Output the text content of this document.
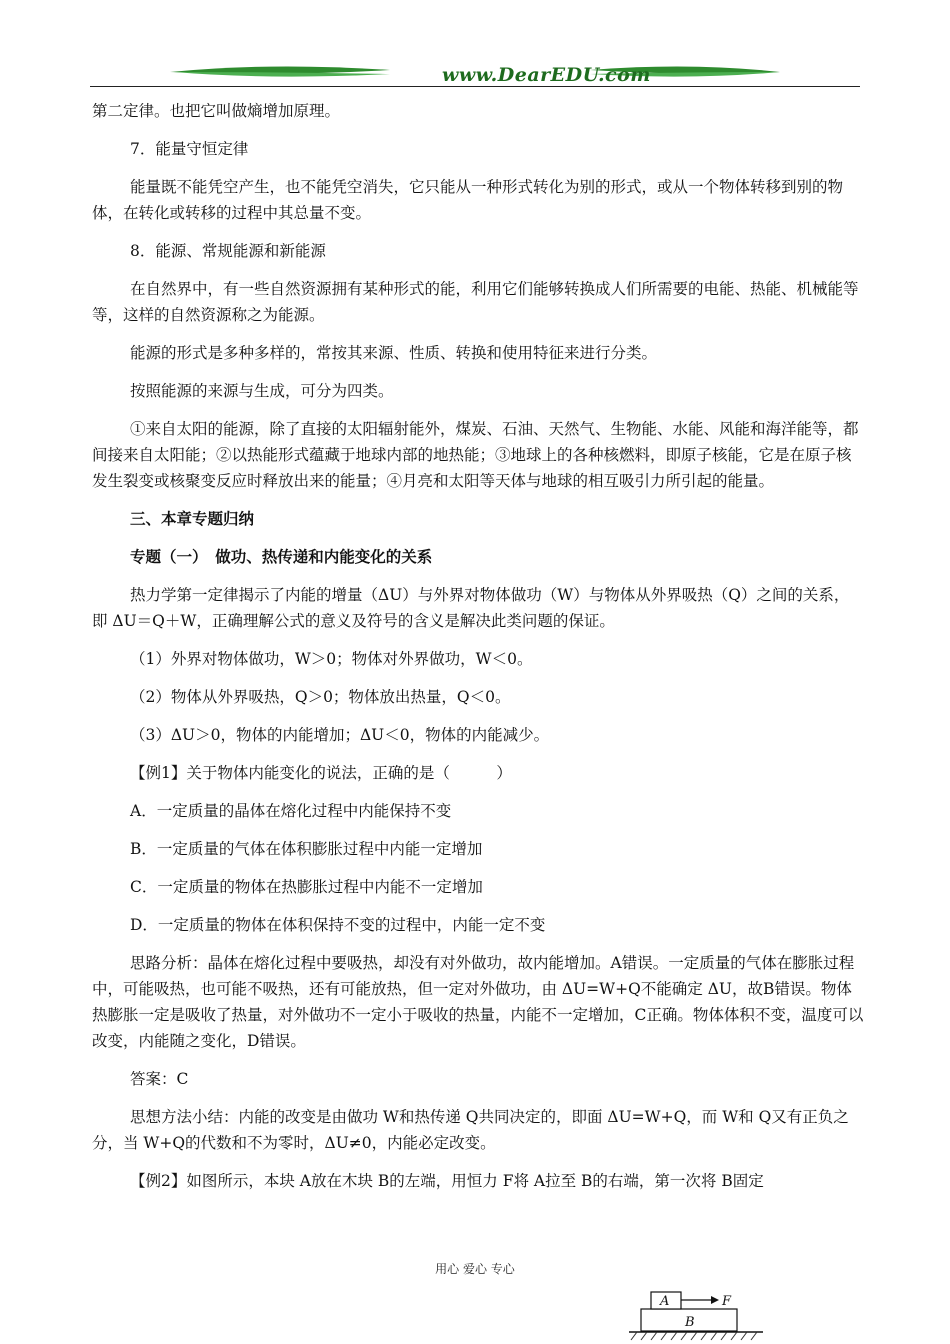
www.DearEDU.com

第二定律。也把它叫做熵增加原理。

7．能量守恒定律

能量既不能凭空产生，也不能凭空消失，它只能从一种形式转化为别的形式，或从一个物体转移到别的物体，在转化或转移的过程中其总量不变。

8．能源、常规能源和新能源

在自然界中，有一些自然资源拥有某种形式的能，利用它们能够转换成人们所需要的电能、热能、机械能等等，这样的自然资源称之为能源。

能源的形式是多种多样的，常按其来源、性质、转换和使用特征来进行分类。

按照能源的来源与生成，可分为四类。

①来自太阳的能源，除了直接的太阳辐射能外，煤炭、石油、天然气、生物能、水能、风能和海洋能等，都间接来自太阳能；②以热能形式蕴藏于地球内部的地热能；③地球上的各种核燃料，即原子核能，它是在原子核发生裂变或核聚变反应时释放出来的能量；④月亮和太阳等天体与地球的相互吸引力所引起的能量。

三、本章专题归纳

专题（一）　做功、热传递和内能变化的关系

热力学第一定律揭示了内能的增量（ΔU）与外界对物体做功（W）与物体从外界吸热（Q）之间的关系，即 ΔU＝Q＋W，正确理解公式的意义及符号的含义是解决此类问题的保证。

（1）外界对物体做功，W＞0；物体对外界做功，W＜0。

（2）物体从外界吸热，Q＞0；物体放出热量，Q＜0。

（3）ΔU＞0，物体的内能增加；ΔU＜0，物体的内能减少。

【例1】关于物体内能变化的说法，正确的是（　　　）

A．一定质量的晶体在熔化过程中内能保持不变

B．一定质量的气体在体积膨胀过程中内能一定增加

C．一定质量的物体在热膨胀过程中内能不一定增加

D．一定质量的物体在体积保持不变的过程中，内能一定不变

思路分析：晶体在熔化过程中要吸热，却没有对外做功，故内能增加。A错误。一定质量的气体在膨胀过程中，可能吸热，也可能不吸热，还有可能放热，但一定对外做功，由 ΔU=W+Q不能确定 ΔU，故B错误。物体热膨胀一定是吸收了热量，对外做功不一定小于吸收的热量，内能不一定增加，C正确。物体体积不变，温度可以改变，内能随之变化，D错误。

答案：C

思想方法小结：内能的改变是由做功 W和热传递 Q共同决定的，即面 ΔU=W+Q，而 W和 Q又有正负之分，当 W+Q的代数和不为零时，ΔU≠0，内能必定改变。

【例2】如图所示，本块 A放在木块 B的左端，用恒力 F将 A拉至 B的右端，第一次将 B固定

用心 爱心 专心
A	F
B
